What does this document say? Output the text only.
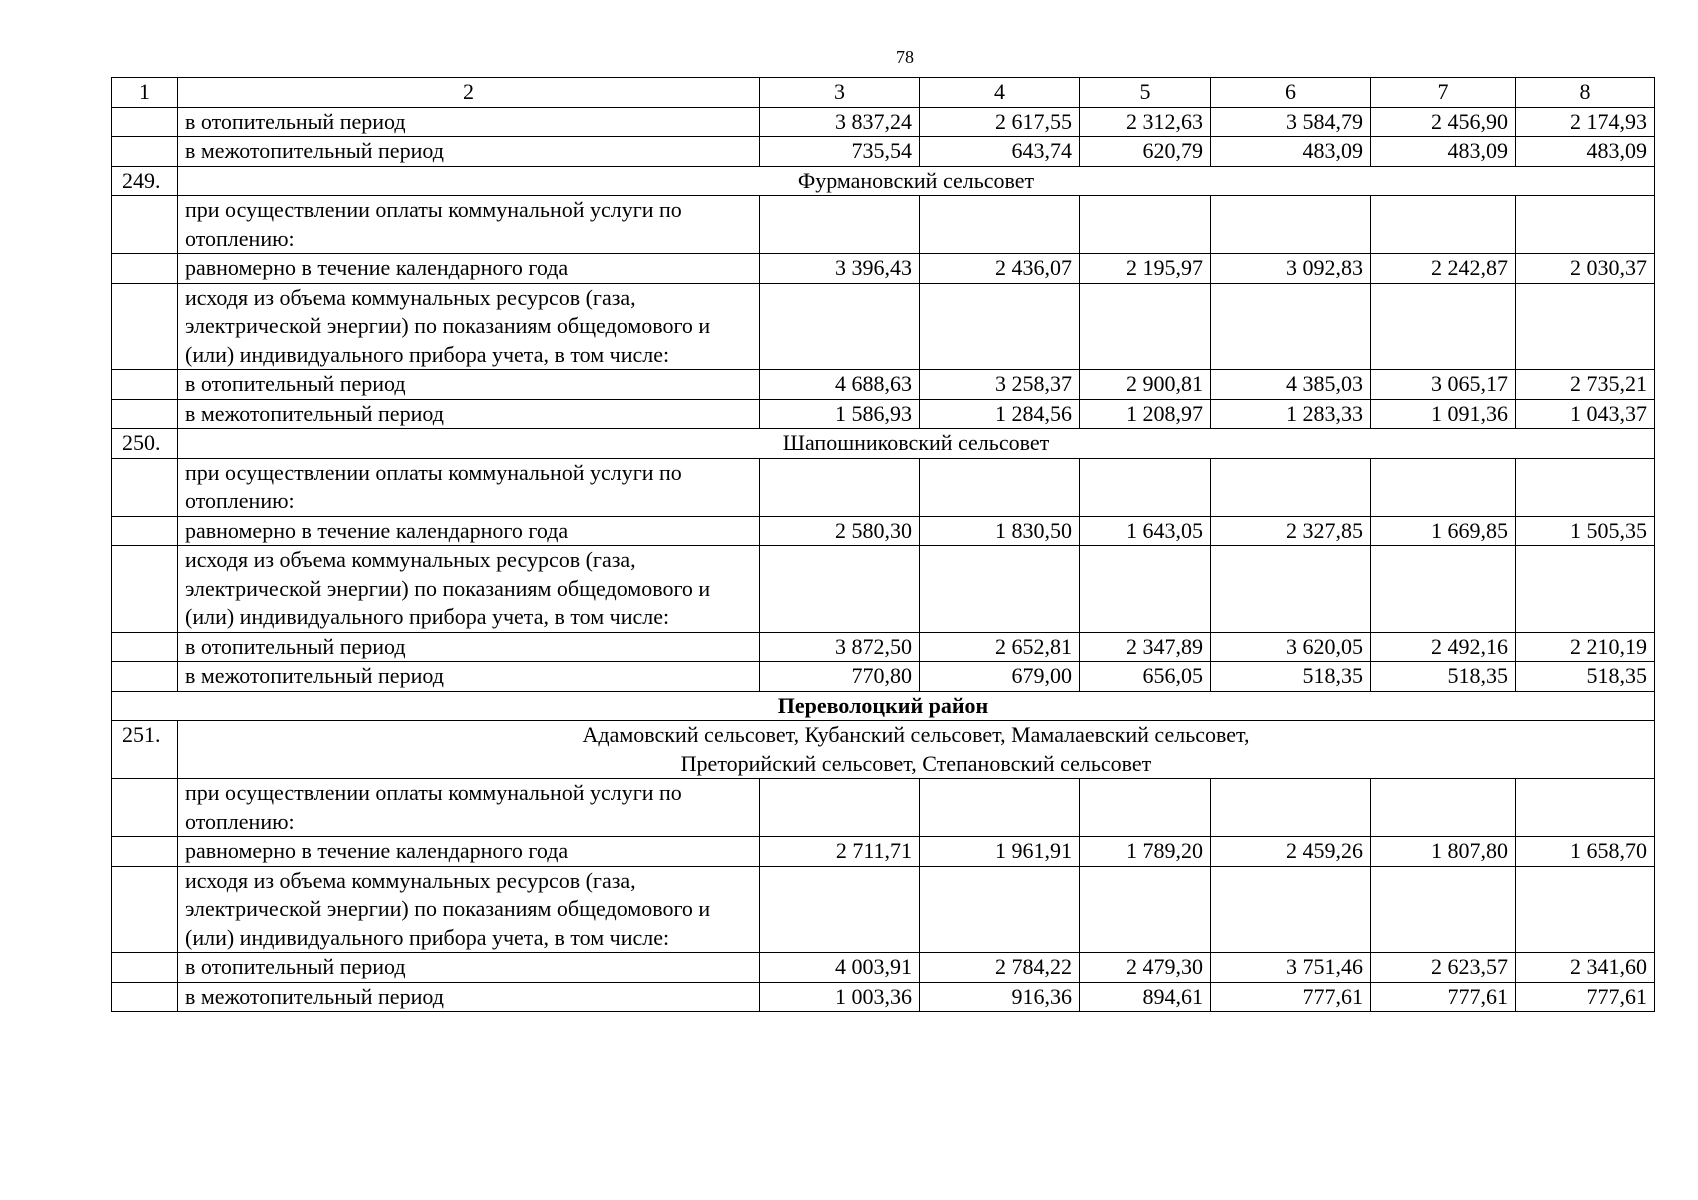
78
1	2	3	4	5	6	7	8
	в отопительный период	3 837,24	2 617,55	2 312,63	3 584,79	2 456,90	2 174,93
	в межотопительный период	735,54	643,74	620,79	483,09	483,09	483,09
249.	Фурмановский сельсовет						
	при осуществлении оплаты коммунальной услуги по отоплению:						
	равномерно в течение календарного года	3 396,43	2 436,07	2 195,97	3 092,83	2 242,87	2 030,37
	исходя из объема коммунальных ресурсов (газа, электрической энергии) по показаниям общедомового и (или) индивидуального прибора учета, в том числе:						
	в отопительный период	4 688,63	3 258,37	2 900,81	4 385,03	3 065,17	2 735,21
	в межотопительный период	1 586,93	1 284,56	1 208,97	1 283,33	1 091,36	1 043,37
250.	Шапошниковский сельсовет						
	при осуществлении оплаты коммунальной услуги по отоплению:						
	равномерно в течение календарного года	2 580,30	1 830,50	1 643,05	2 327,85	1 669,85	1 505,35
	исходя из объема коммунальных ресурсов (газа, электрической энергии) по показаниям общедомового и (или) индивидуального прибора учета, в том числе:						
	в отопительный период	3 872,50	2 652,81	2 347,89	3 620,05	2 492,16	2 210,19
	в межотопительный период	770,80	679,00	656,05	518,35	518,35	518,35
Переволоцкий район							
251.	Адамовский сельсовет, Кубанский сельсовет, Мамалаевский сельсовет,
Преторийский сельсовет, Степановский сельсовет						

	при осуществлении оплаты коммунальной услуги по отоплению:						
	равномерно в течение календарного года	2 711,71	1 961,91	1 789,20	2 459,26	1 807,80	1 658,70
	исходя из объема коммунальных ресурсов (газа, электрической энергии) по показаниям общедомового и (или) индивидуального прибора учета, в том числе:						
	в отопительный период	4 003,91	2 784,22	2 479,30	3 751,46	2 623,57	2 341,60
	в межотопительный период	1 003,36	916,36	894,61	777,61	777,61	777,61
